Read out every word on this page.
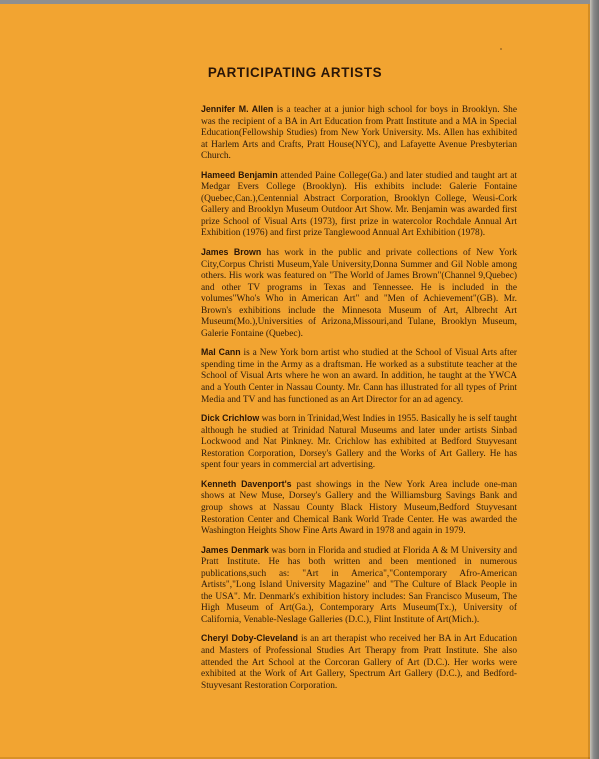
PARTICIPATING ARTISTS

Jennifer M. Allen is a teacher at a junior high school for boys in Brooklyn. She was the recipient of a BA in Art Education from Pratt Institute and a MA in Special Education(Fellowship Studies) from New York University. Ms. Allen has exhibited at Harlem Arts and Crafts, Pratt House(NYC), and Lafayette Avenue Presbyterian Church.

Hameed Benjamin attended Paine College(Ga.) and later studied and taught art at Medgar Evers College (Brooklyn). His exhibits include: Galerie Fontaine (Quebec,Can.),Centennial Abstract Corporation, Brooklyn College, Weusi-Cork Gallery and Brooklyn Museum Outdoor Art Show. Mr. Benjamin was awarded first prize School of Visual Arts (1973), first prize in watercolor Rochdale Annual Art Exhibition (1976) and first prize Tanglewood Annual Art Exhibition (1978).

James Brown has work in the public and private collections of New York City,Corpus Christi Museum,Yale University,Donna Summer and Gil Noble among others. His work was featured on "The World of James Brown"(Channel 9,Quebec) and other TV programs in Texas and Tennessee. He is included in the volumes"Who's Who in American Art" and "Men of Achievement"(GB). Mr. Brown's exhibitions include the Minnesota Museum of Art, Albrecht Art Museum(Mo.),Universities of Arizona,Missouri,and Tulane, Brooklyn Museum, Galerie Fontaine (Quebec).

Mal Cann is a New York born artist who studied at the School of Visual Arts after spending time in the Army as a draftsman. He worked as a substitute teacher at the School of Visual Arts where he won an award. In addition, he taught at the YWCA and a Youth Center in Nassau County. Mr. Cann has illustrated for all types of Print Media and TV and has functioned as an Art Director for an ad agency.

Dick Crichlow was born in Trinidad,West Indies in 1955. Basically he is self taught although he studied at Trinidad Natural Museums and later under artists Sinbad Lockwood and Nat Pinkney. Mr. Crichlow has exhibited at Bedford Stuyvesant Restoration Corporation, Dorsey's Gallery and the Works of Art Gallery. He has spent four years in commercial art advertising.

Kenneth Davenport's past showings in the New York Area include one-man shows at New Muse, Dorsey's Gallery and the Williamsburg Savings Bank and group shows at Nassau County Black History Museum,Bedford Stuyvesant Restoration Center and Chemical Bank World Trade Center. He was awarded the Washington Heights Show Fine Arts Award in 1978 and again in 1979.

James Denmark was born in Florida and studied at Florida A & M University and Pratt Institute. He has both written and been mentioned in numerous publications,such as: "Art in America","Contemporary Afro-American Artists","Long Island University Magazine" and "The Culture of Black People in the USA". Mr. Denmark's exhibition history includes: San Francisco Museum, The High Museum of Art(Ga.), Contemporary Arts Museum(Tx.), University of California, Venable-Neslage Galleries (D.C.), Flint Institute of Art(Mich.).

Cheryl Doby-Cleveland is an art therapist who received her BA in Art Education and Masters of Professional Studies Art Therapy from Pratt Institute. She also attended the Art School at the Corcoran Gallery of Art (D.C.). Her works were exhibited at the Work of Art Gallery, Spectrum Art Gallery (D.C.), and Bedford-Stuyvesant Restoration Corporation.
